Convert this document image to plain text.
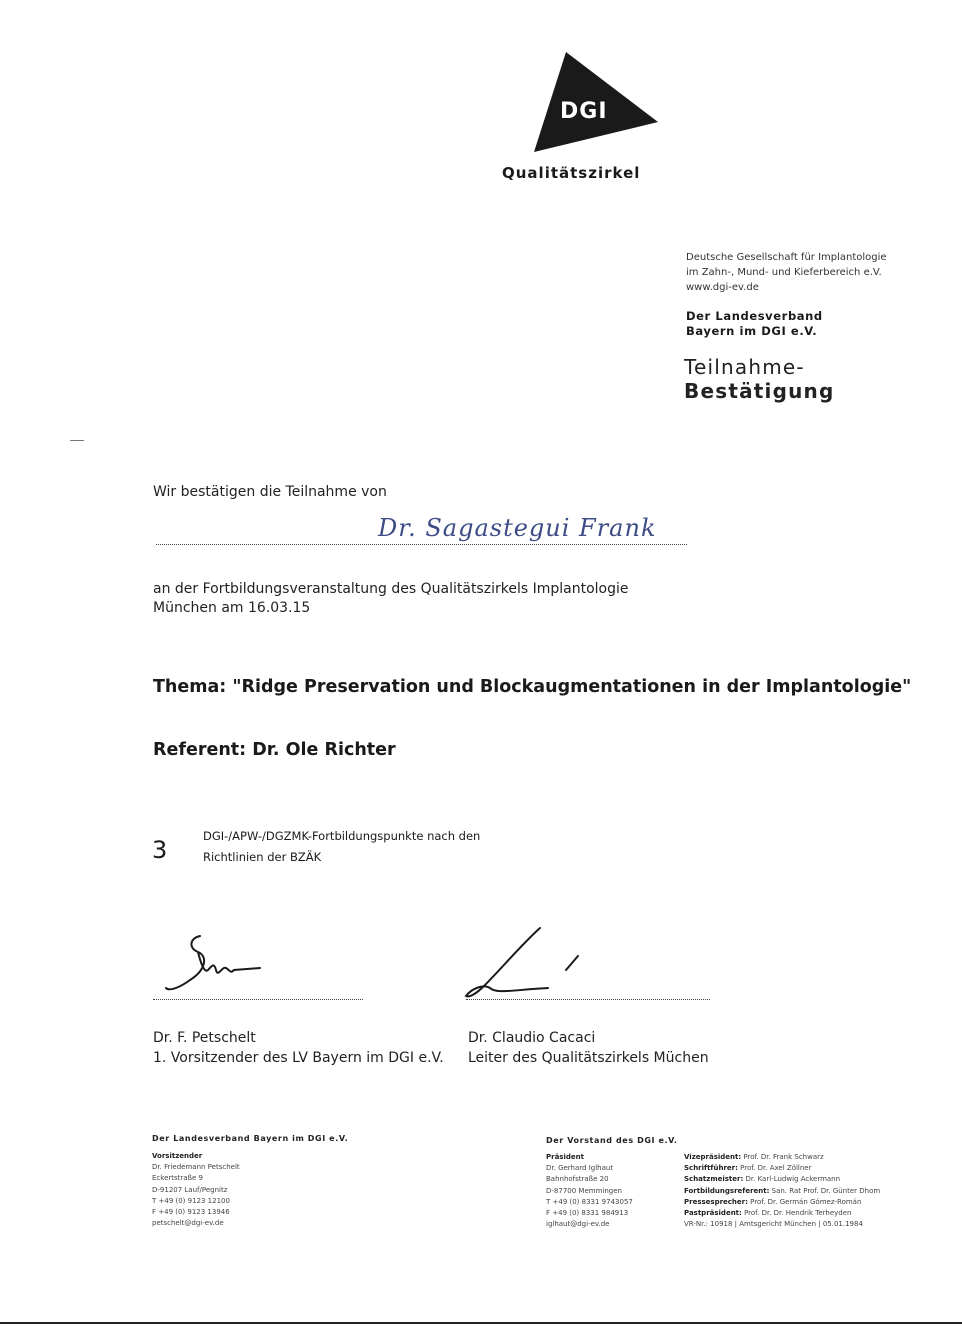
DGI
Qualitätszirkel
Deutsche Gesellschaft für Implantologie
im Zahn-, Mund- und Kieferbereich e.V.
www.dgi-ev.de
Der Landesverband
Bayern im DGI e.V.
Teilnahme-
Bestätigung
Wir bestätigen die Teilnahme von
Dr. Sagastegui Frank
an der Fortbildungsveranstaltung des Qualitätszirkels Implantologie
München am 16.03.15
Thema: "Ridge Preservation und Blockaugmentationen in der Implantologie"
Referent: Dr. Ole Richter
3	DGI-/APW-/DGZMK-Fortbildungspunkte nach den
Richtlinien der BZÄK
Dr. F. Petschelt
1. Vorsitzender des LV Bayern im DGI e.V.
Dr. Claudio Cacaci
Leiter des Qualitätszirkels Müchen
Der Landesverband Bayern im DGI e.V.
Vorsitzender
Dr. Friedemann Petschelt
Eckertstraße 9
D-91207 Lauf/Pegnitz
T +49 (0) 9123 12100
F +49 (0) 9123 13946
petschelt@dgi-ev.de
Der Vorstand des DGI e.V.
Präsident
Dr. Gerhard Iglhaut
Bahnhofstraße 20
D-87700 Memmingen
T +49 (0) 8331 9743057
F +49 (0) 8331 984913
iglhaut@dgi-ev.de
Vizepräsident: Prof. Dr. Frank Schwarz
Schriftführer: Prof. Dr. Axel Zöllner
Schatzmeister: Dr. Karl-Ludwig Ackermann
Fortbildungsreferent: San. Rat Prof. Dr. Günter Dhom
Pressesprecher: Prof. Dr. Germán Gómez-Román
Pastpräsident: Prof. Dr. Dr. Hendrik Terheyden
VR-Nr.: 10918 | Amtsgericht München | 05.01.1984
